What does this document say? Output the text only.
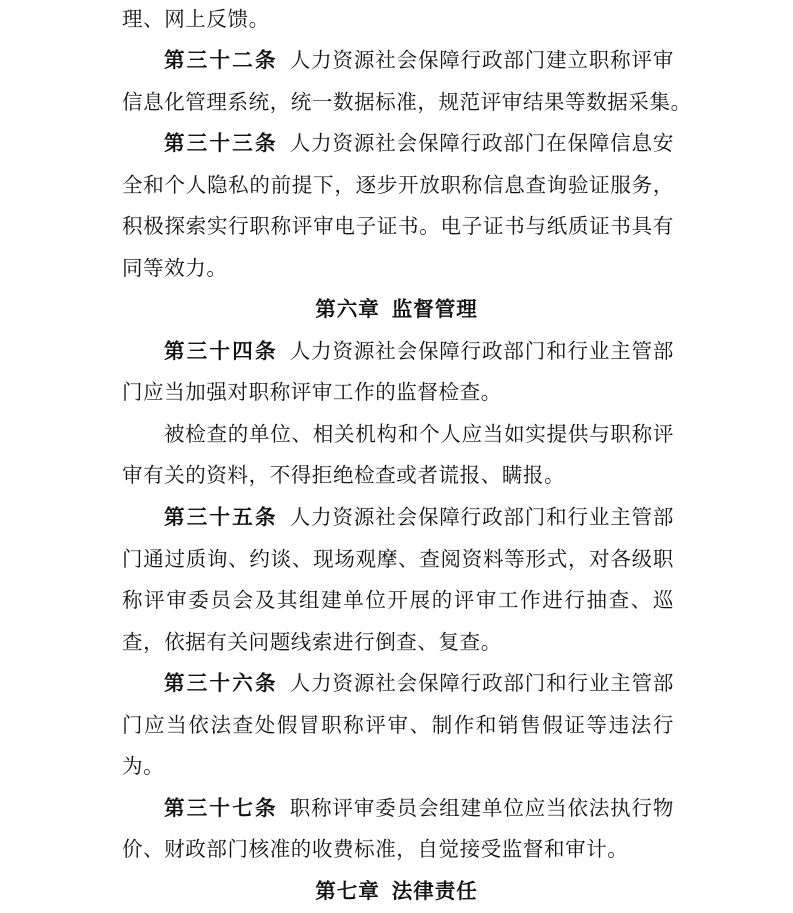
理、网上反馈。
第三十二条 人力资源社会保障行政部门建立职称评审
信息化管理系统，统一数据标准，规范评审结果等数据采集。
第三十三条 人力资源社会保障行政部门在保障信息安
全和个人隐私的前提下，逐步开放职称信息查询验证服务，
积极探索实行职称评审电子证书。电子证书与纸质证书具有
同等效力。
第六章 监督管理
第三十四条 人力资源社会保障行政部门和行业主管部
门应当加强对职称评审工作的监督检查。
被检查的单位、相关机构和个人应当如实提供与职称评
审有关的资料，不得拒绝检查或者谎报、瞒报。
第三十五条 人力资源社会保障行政部门和行业主管部
门通过质询、约谈、现场观摩、查阅资料等形式，对各级职
称评审委员会及其组建单位开展的评审工作进行抽查、巡
查，依据有关问题线索进行倒查、复查。
第三十六条 人力资源社会保障行政部门和行业主管部
门应当依法查处假冒职称评审、制作和销售假证等违法行
为。
第三十七条 职称评审委员会组建单位应当依法执行物
价、财政部门核准的收费标准，自觉接受监督和审计。
第七章 法律责任
